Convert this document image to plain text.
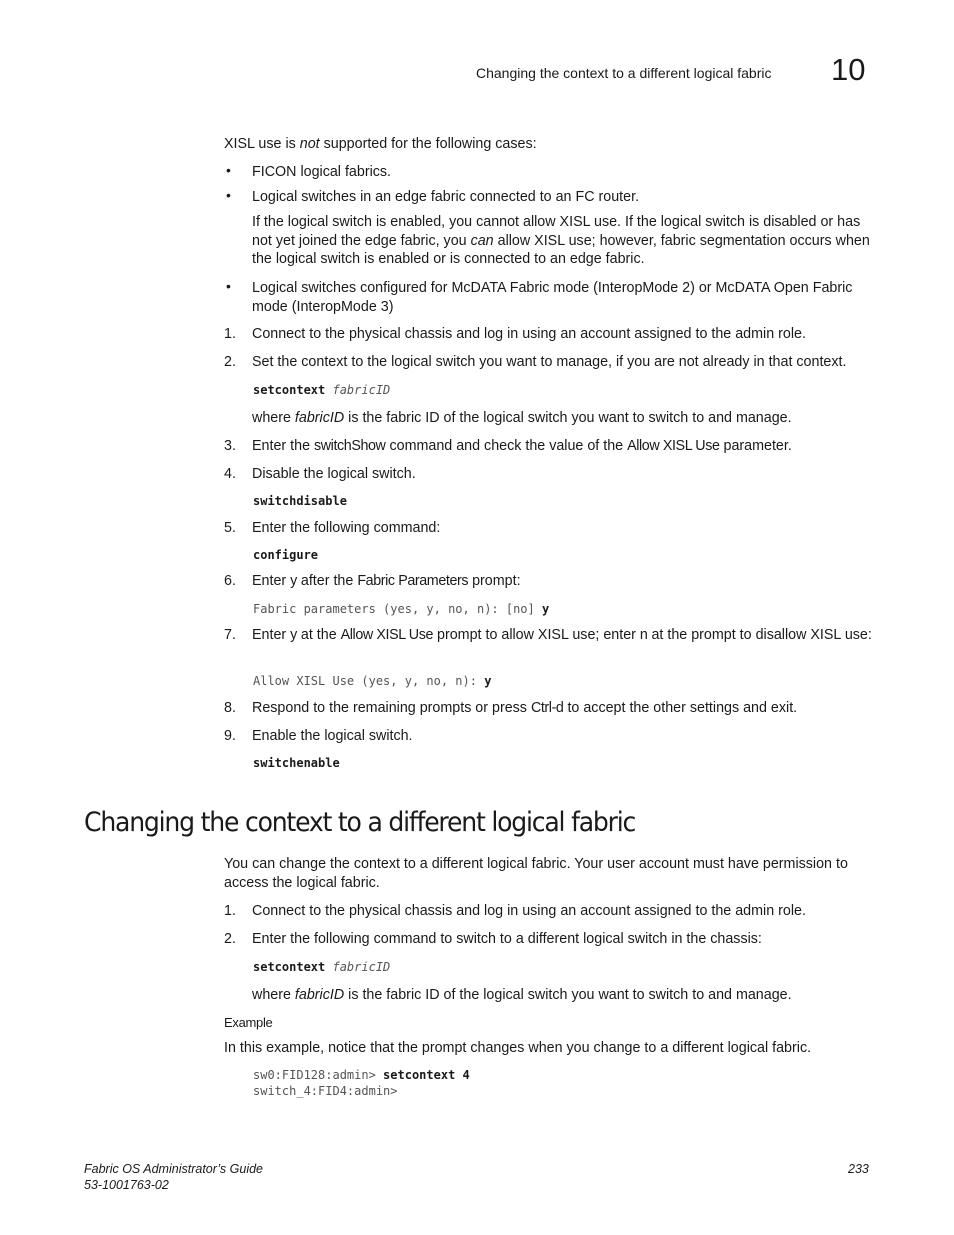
Changing the context to a different logical fabric 10
XISL use is not supported for the following cases:
• FICON logical fabrics.
• Logical switches in an edge fabric connected to an FC router.
If the logical switch is enabled, you cannot allow XISL use. If the logical switch is disabled or has not yet joined the edge fabric, you can allow XISL use; however, fabric segmentation occurs when the logical switch is enabled or is connected to an edge fabric.
• Logical switches configured for McDATA Fabric mode (InteropMode 2) or McDATA Open Fabric mode (InteropMode 3)
1. Connect to the physical chassis and log in using an account assigned to the admin role.
2. Set the context to the logical switch you want to manage, if you are not already in that context.
setcontext fabricID
where fabricID is the fabric ID of the logical switch you want to switch to and manage.
3. Enter the switchShow command and check the value of the Allow XISL Use parameter.
4. Disable the logical switch.
switchdisable
5. Enter the following command:
configure
6. Enter y after the Fabric Parameters prompt:
Fabric parameters (yes, y, no, n): [no] y
7. Enter y at the Allow XISL Use prompt to allow XISL use; enter n at the prompt to disallow XISL use:
Allow XISL Use (yes, y, no, n): y
8. Respond to the remaining prompts or press Ctrl-d to accept the other settings and exit.
9. Enable the logical switch.
switchenable
Changing the context to a different logical fabric
You can change the context to a different logical fabric. Your user account must have permission to access the logical fabric.
1. Connect to the physical chassis and log in using an account assigned to the admin role.
2. Enter the following command to switch to a different logical switch in the chassis:
setcontext fabricID
where fabricID is the fabric ID of the logical switch you want to switch to and manage.
Example
In this example, notice that the prompt changes when you change to a different logical fabric.
sw0:FID128:admin> setcontext 4
switch_4:FID4:admin>
Fabric OS Administrator’s Guide
53-1001763-02
233
